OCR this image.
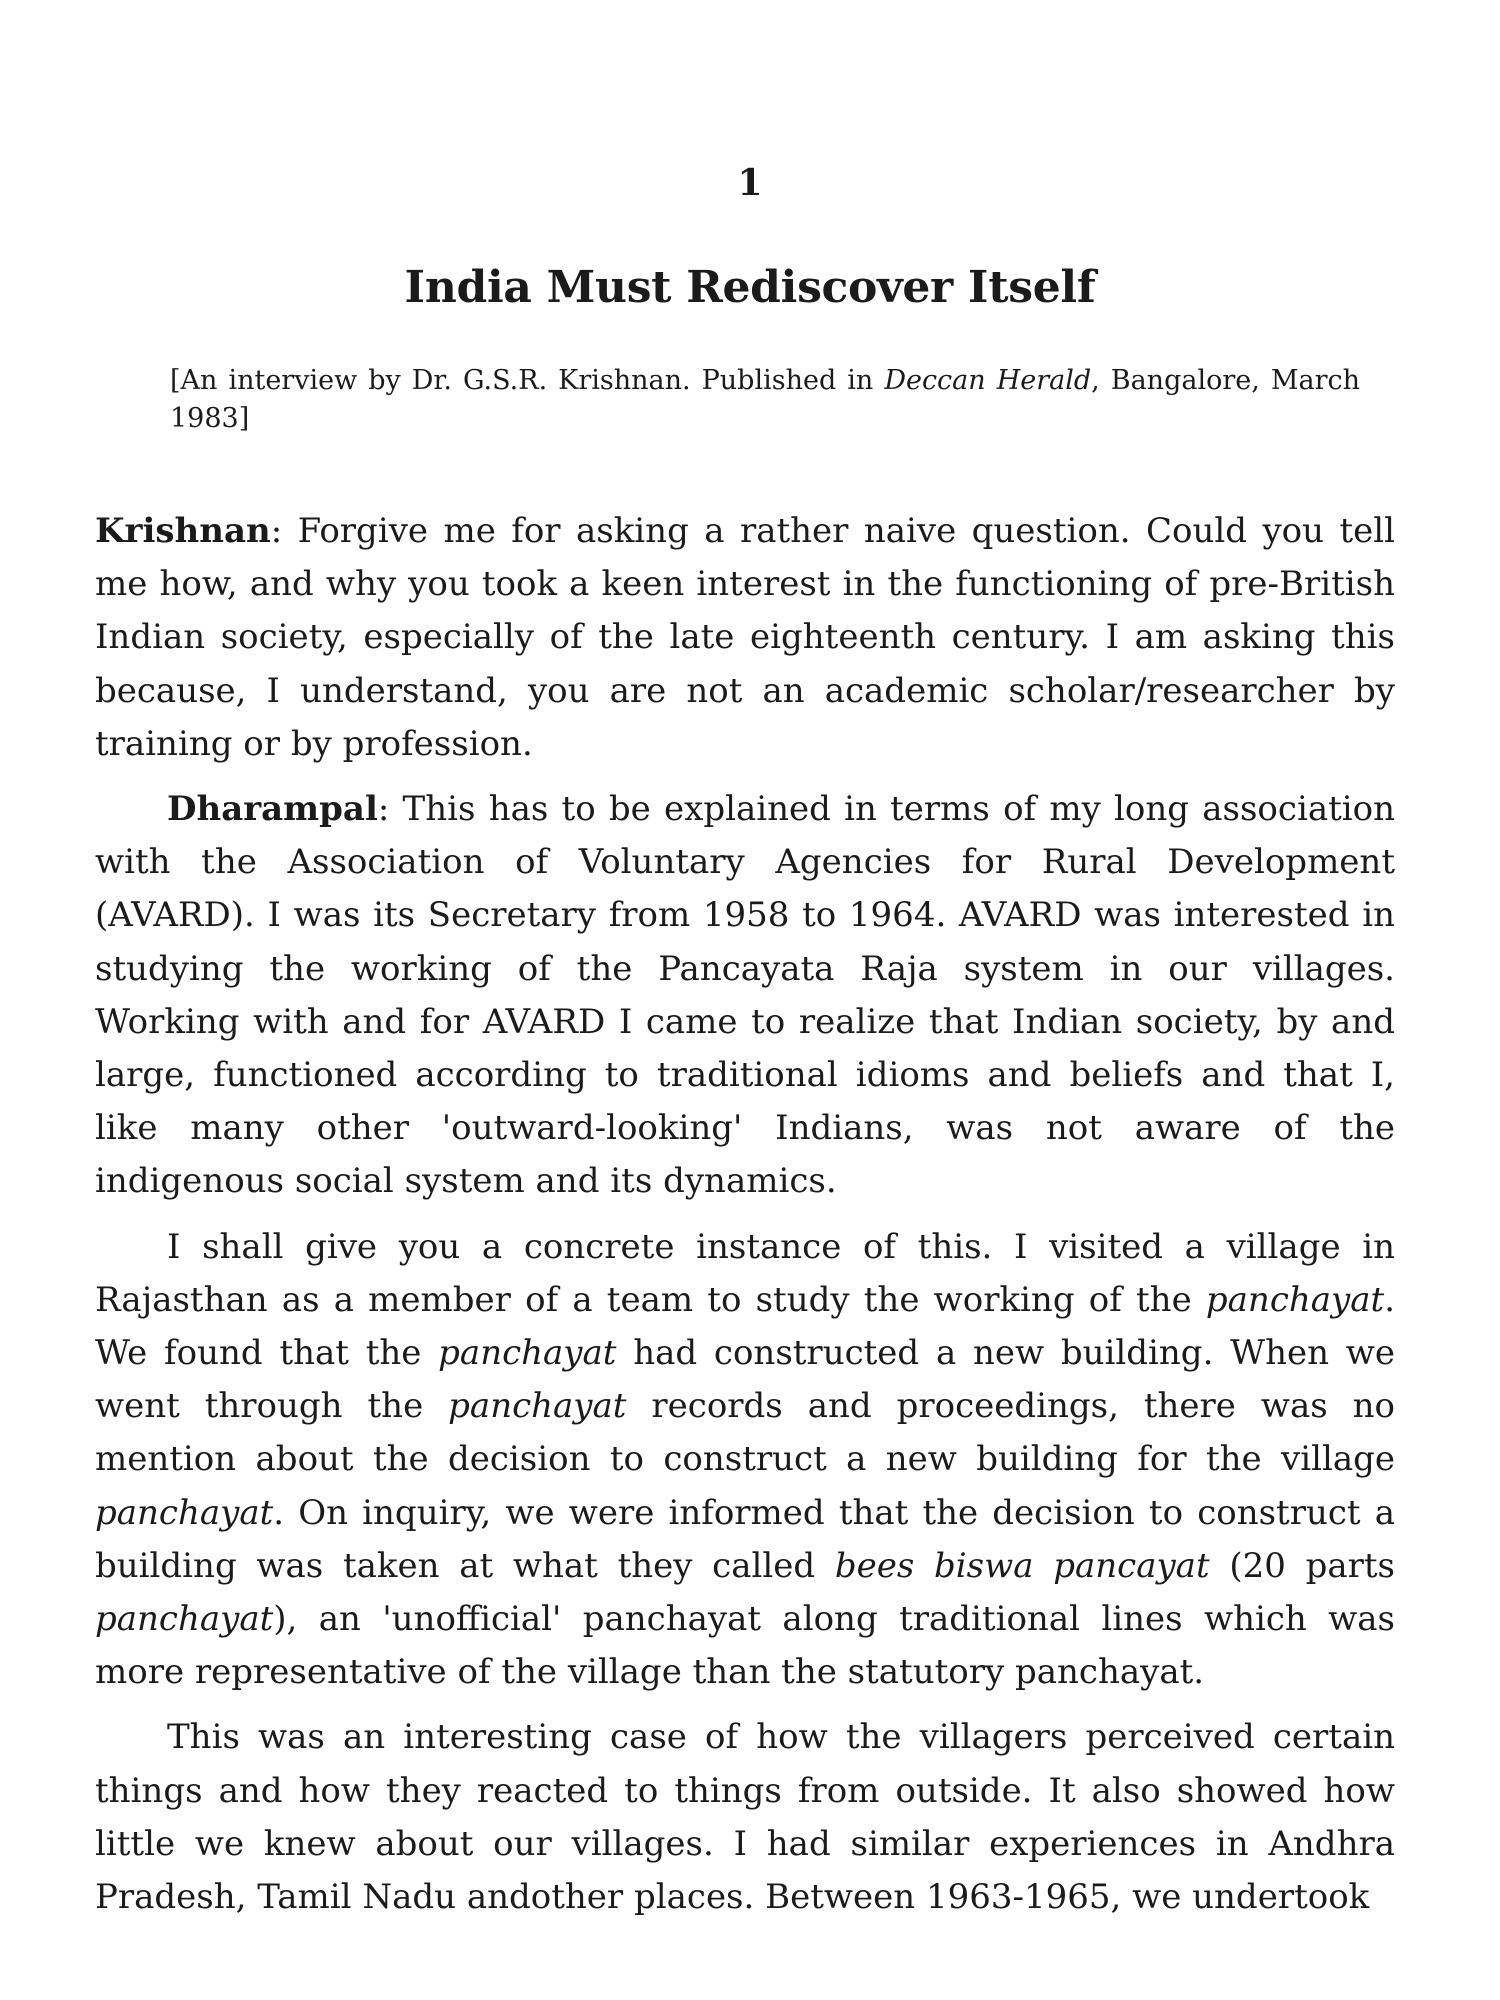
1
India Must Rediscover Itself
[An interview by Dr. G.S.R. Krishnan. Published in Deccan Herald, Bangalore, March 1983]

Krishnan: Forgive me for asking a rather naive question. Could you tell me how, and why you took a keen interest in the functioning of pre-British Indian society, especially of the late eighteenth century. I am asking this because, I understand, you are not an academic scholar/researcher by training or by profession.

Dharampal: This has to be explained in terms of my long association with the Association of Voluntary Agencies for Rural Development (AVARD). I was its Secretary from 1958 to 1964. AVARD was interested in studying the working of the Pancayata Raja system in our villages. Working with and for AVARD I came to realize that Indian society, by and large, functioned according to traditional idioms and beliefs and that I, like many other 'outward-looking' Indians, was not aware of the indigenous social system and its dynamics.

I shall give you a concrete instance of this. I visited a village in Rajasthan as a member of a team to study the working of the panchayat. We found that the panchayat had constructed a new building. When we went through the panchayat records and proceedings, there was no mention about the decision to construct a new building for the village panchayat. On inquiry, we were informed that the decision to construct a building was taken at what they called bees biswa pancayat (20 parts panchayat), an 'unofficial' panchayat along traditional lines which was more representative of the village than the statutory panchayat.

This was an interesting case of how the villagers perceived certain things and how they reacted to things from outside. It also showed how little we knew about our villages. I had similar experiences in Andhra Pradesh, Tamil Nadu andother places. Between 1963-1965, we undertook
